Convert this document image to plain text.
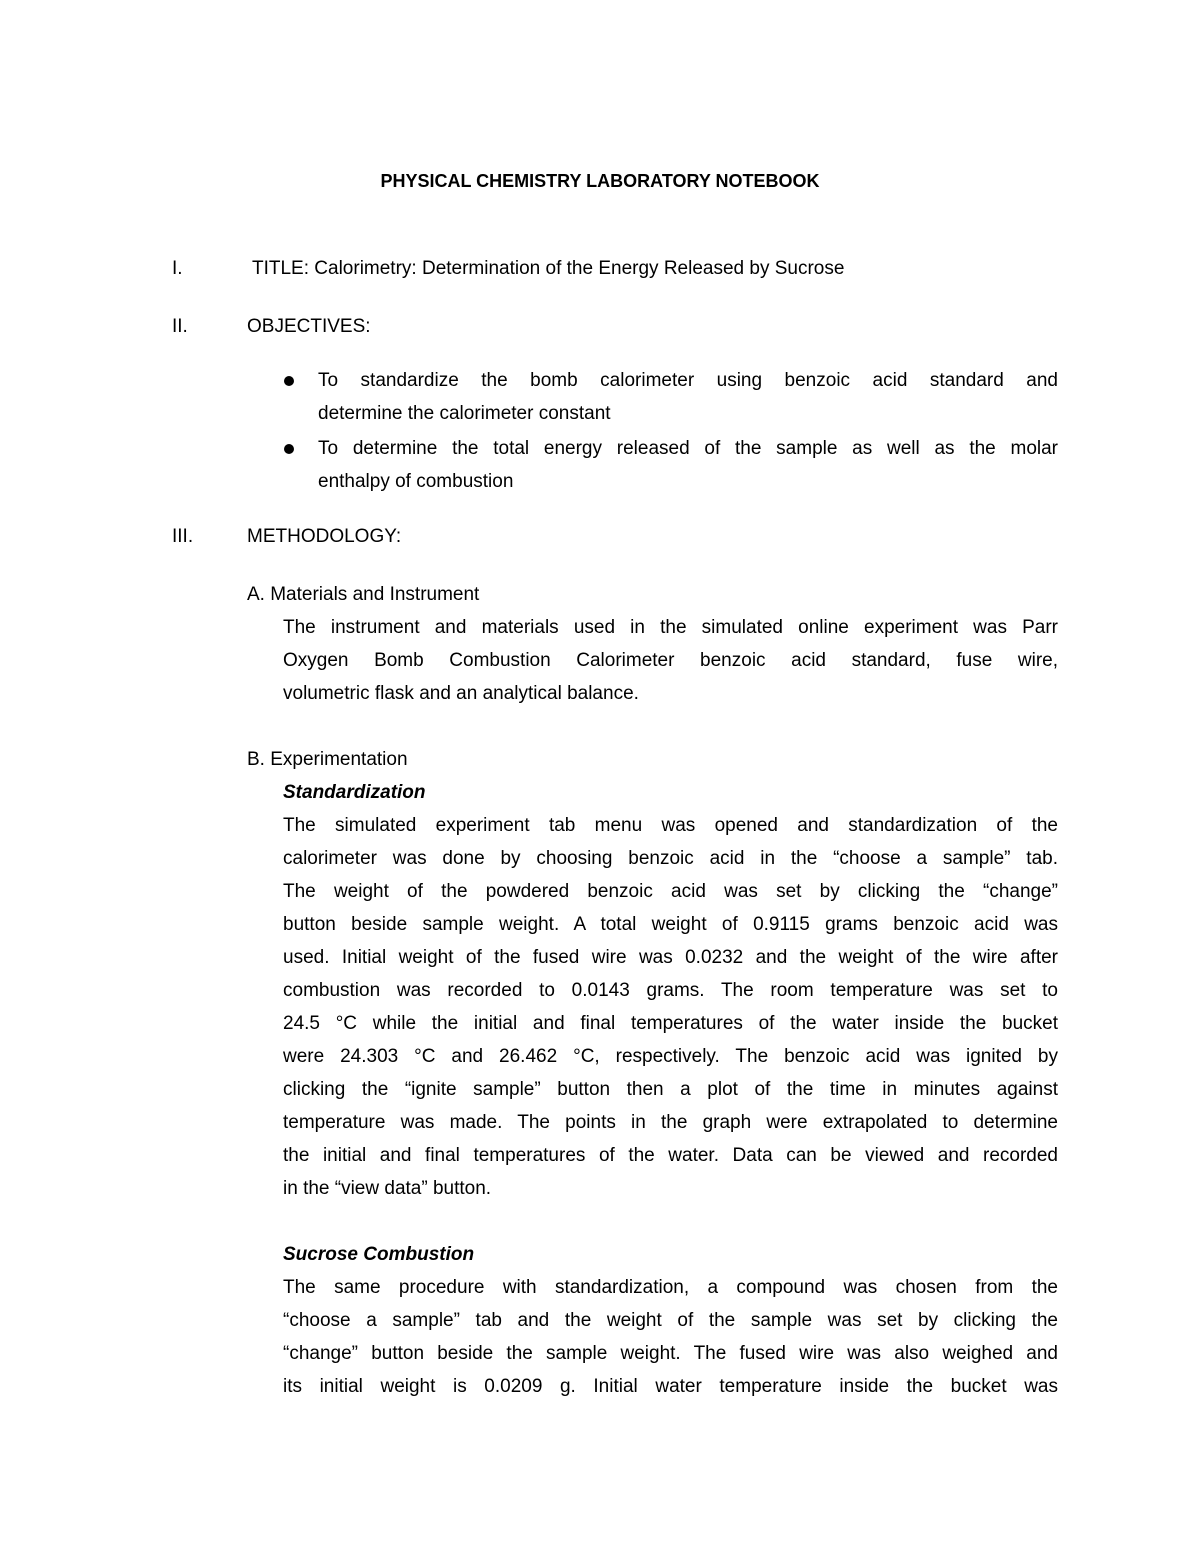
PHYSICAL CHEMISTRY LABORATORY NOTEBOOK
I.	TITLE: Calorimetry: Determination of the Energy Released by Sucrose
II.	OBJECTIVES:
To standardize the bomb calorimeter using benzoic acid standard and
determine the calorimeter constant
To determine the total energy released of the sample as well as the molar
enthalpy of combustion
III.	METHODOLOGY:
A. Materials and Instrument
The instrument and materials used in the simulated online experiment was Parr
Oxygen Bomb Combustion Calorimeter benzoic acid standard, fuse wire,
volumetric flask and an analytical balance.
B. Experimentation
Standardization
The simulated experiment tab menu was opened and standardization of the
calorimeter was done by choosing benzoic acid in the “choose a sample” tab.
The weight of the powdered benzoic acid was set by clicking the “change”
button beside sample weight. A total weight of 0.9115 grams benzoic acid was
used. Initial weight of the fused wire was 0.0232 and the weight of the wire after
combustion was recorded to 0.0143 grams. The room temperature was set to
24.5 °C while the initial and final temperatures of the water inside the bucket
were 24.303 °C and 26.462 °C, respectively. The benzoic acid was ignited by
clicking the “ignite sample” button then a plot of the time in minutes against
temperature was made. The points in the graph were extrapolated to determine
the initial and final temperatures of the water. Data can be viewed and recorded
in the “view data” button.
Sucrose Combustion
The same procedure with standardization, a compound was chosen from the
“choose a sample” tab and the weight of the sample was set by clicking the
“change” button beside the sample weight. The fused wire was also weighed and
its initial weight is 0.0209 g. Initial water temperature inside the bucket was
